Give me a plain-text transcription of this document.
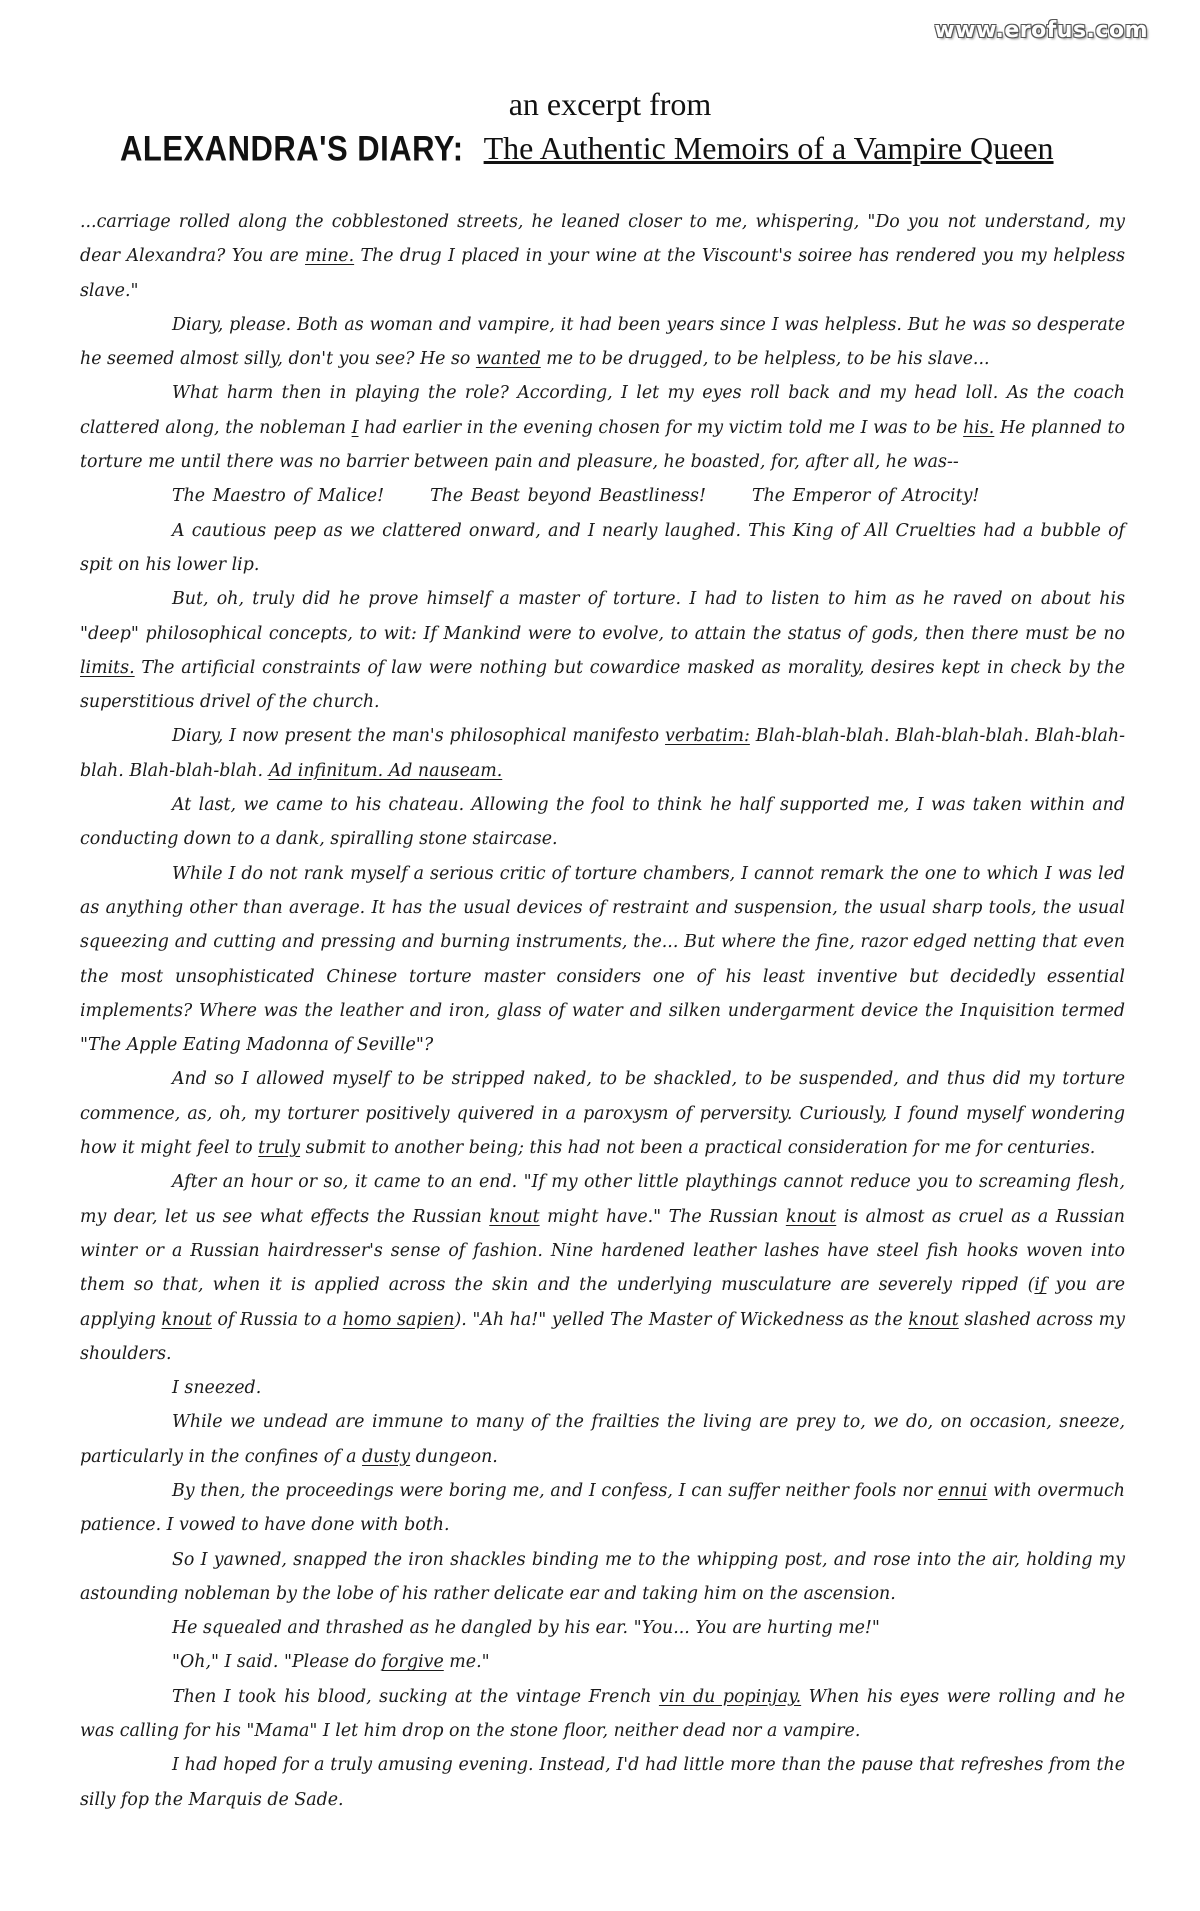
www.erofus.com
an excerpt from
ALEXANDRA'S DIARY: The Authentic Memoirs of a Vampire Queen

...carriage rolled along the cobblestoned streets, he leaned closer to me, whispering, "Do you not understand, my dear Alexandra? You are mine. The drug I placed in your wine at the Viscount's soiree has rendered you my helpless slave."

Diary, please. Both as woman and vampire, it had been years since I was helpless. But he was so desperate he seemed almost silly, don't you see? He so wanted me to be drugged, to be helpless, to be his slave...

What harm then in playing the role? According, I let my eyes roll back and my head loll. As the coach clattered along, the nobleman I had earlier in the evening chosen for my victim told me I was to be his. He planned to torture me until there was no barrier between pain and pleasure, he boasted, for, after all, he was--

The Maestro of Malice!	The Beast beyond Beastliness!	The Emperor of Atrocity!

A cautious peep as we clattered onward, and I nearly laughed. This King of All Cruelties had a bubble of spit on his lower lip.

But, oh, truly did he prove himself a master of torture. I had to listen to him as he raved on about his "deep" philosophical concepts, to wit: If Mankind were to evolve, to attain the status of gods, then there must be no limits. The artificial constraints of law were nothing but cowardice masked as morality, desires kept in check by the superstitious drivel of the church.

Diary, I now present the man's philosophical manifesto verbatim: Blah-blah-blah. Blah-blah-blah. Blah-blah-blah. Blah-blah-blah. Ad infinitum. Ad nauseam.

At last, we came to his chateau. Allowing the fool to think he half supported me, I was taken within and conducting down to a dank, spiralling stone staircase.

While I do not rank myself a serious critic of torture chambers, I cannot remark the one to which I was led as anything other than average. It has the usual devices of restraint and suspension, the usual sharp tools, the usual squeezing and cutting and pressing and burning instruments, the... But where the fine, razor edged netting that even the most unsophisticated Chinese torture master considers one of his least inventive but decidedly essential implements? Where was the leather and iron, glass of water and silken undergarment device the Inquisition termed "The Apple Eating Madonna of Seville"?

And so I allowed myself to be stripped naked, to be shackled, to be suspended, and thus did my torture commence, as, oh, my torturer positively quivered in a paroxysm of perversity. Curiously, I found myself wondering how it might feel to truly submit to another being; this had not been a practical consideration for me for centuries.

After an hour or so, it came to an end. "If my other little playthings cannot reduce you to screaming flesh, my dear, let us see what effects the Russian knout might have." The Russian knout is almost as cruel as a Russian winter or a Russian hairdresser's sense of fashion. Nine hardened leather lashes have steel fish hooks woven into them so that, when it is applied across the skin and the underlying musculature are severely ripped (if you are applying knout of Russia to a homo sapien). "Ah ha!" yelled The Master of Wickedness as the knout slashed across my shoulders.

I sneezed.

While we undead are immune to many of the frailties the living are prey to, we do, on occasion, sneeze, particularly in the confines of a dusty dungeon.

By then, the proceedings were boring me, and I confess, I can suffer neither fools nor ennui with overmuch patience. I vowed to have done with both.

So I yawned, snapped the iron shackles binding me to the whipping post, and rose into the air, holding my astounding nobleman by the lobe of his rather delicate ear and taking him on the ascension.

He squealed and thrashed as he dangled by his ear. "You... You are hurting me!"

"Oh," I said. "Please do forgive me."

Then I took his blood, sucking at the vintage French vin du popinjay. When his eyes were rolling and he was calling for his "Mama" I let him drop on the stone floor, neither dead nor a vampire.

I had hoped for a truly amusing evening. Instead, I'd had little more than the pause that refreshes from the silly fop the Marquis de Sade.
